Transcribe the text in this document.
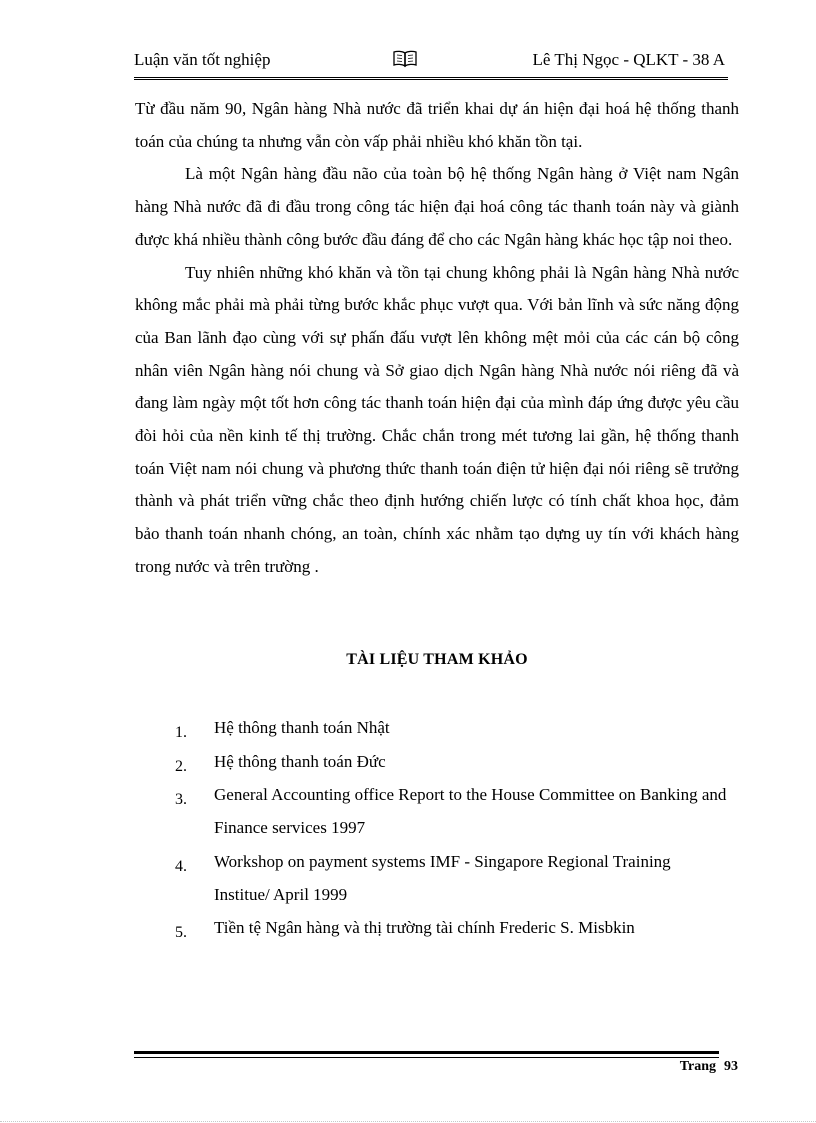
Luận văn tốt nghiệp	Lê Thị Ngọc - QLKT - 38 A

Từ đầu năm 90, Ngân hàng Nhà nước đã triển khai dự án hiện đại hoá hệ thống thanh toán của chúng ta nhưng vẫn còn vấp phải nhiều khó khăn tồn tại.

Là một Ngân hàng đầu não của toàn bộ hệ thống Ngân hàng ở Việt nam Ngân hàng Nhà nước đã đi đầu trong công tác hiện đại hoá công tác thanh toán này và giành được khá nhiều thành công bước đầu đáng để cho các Ngân hàng khác học tập noi theo.

Tuy nhiên những khó khăn và tồn tại chung không phải là Ngân hàng Nhà nước không mắc phải mà phải từng bước khắc phục vượt qua. Với bản lĩnh và sức năng động của Ban lãnh đạo cùng với sự phấn đấu vượt lên không mệt mỏi của các cán bộ công nhân viên Ngân hàng nói chung và Sở giao dịch Ngân hàng Nhà nước nói riêng đã và đang làm ngày một tốt hơn công tác thanh toán hiện đại của mình đáp ứng được yêu cầu đòi hỏi của nền kinh tế thị trường. Chắc chắn trong mét tương lai gần, hệ thống thanh toán Việt nam nói chung và phương thức thanh toán điện tử hiện đại nói riêng sẽ trưởng thành và phát triển vững chắc theo định hướng chiến lược có tính chất khoa học, đảm bảo thanh toán nhanh chóng, an toàn, chính xác nhằm tạo dựng uy tín với khách hàng trong nước và trên trường .

TÀI LIỆU THAM KHẢO
1. Hệ thông thanh toán Nhật
2. Hệ thông thanh toán Đức
3. General Accounting office Report to the House Committee on Banking and   Finance services 1997
4. Workshop on payment systems IMF - Singapore Regional Training Institue/ April 1999
5. Tiền tệ Ngân hàng và thị trường tài chính Frederic S. Misbkin
Trang 93
